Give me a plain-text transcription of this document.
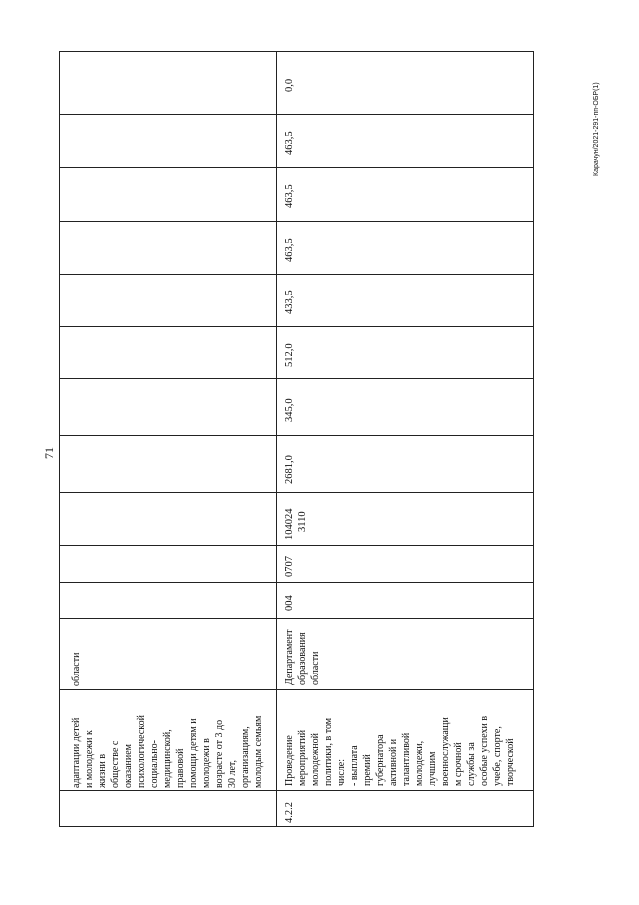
71
Карачун/2021-291-пп-ОБР(1)
адаптации детей и молодежи к жизни в обществе с оказанием психологической социально- медицинской, правовой помощи детям и молодежи в возрасте от 3 до 30 лет, организациям, молодым семьям
области
0,0
4.2.2
Проведение мероприятий молодежной политики, в том числе: - выплата премий губернатора активной и талантливой молодежи, лучшим военнослужащи м срочной службы за особые успехи в учебе, спорте, творческой
Департамент образования области
004
0707
104024 3110
2681,0
345,0
512,0
433,5
463,5
463,5
463,5
